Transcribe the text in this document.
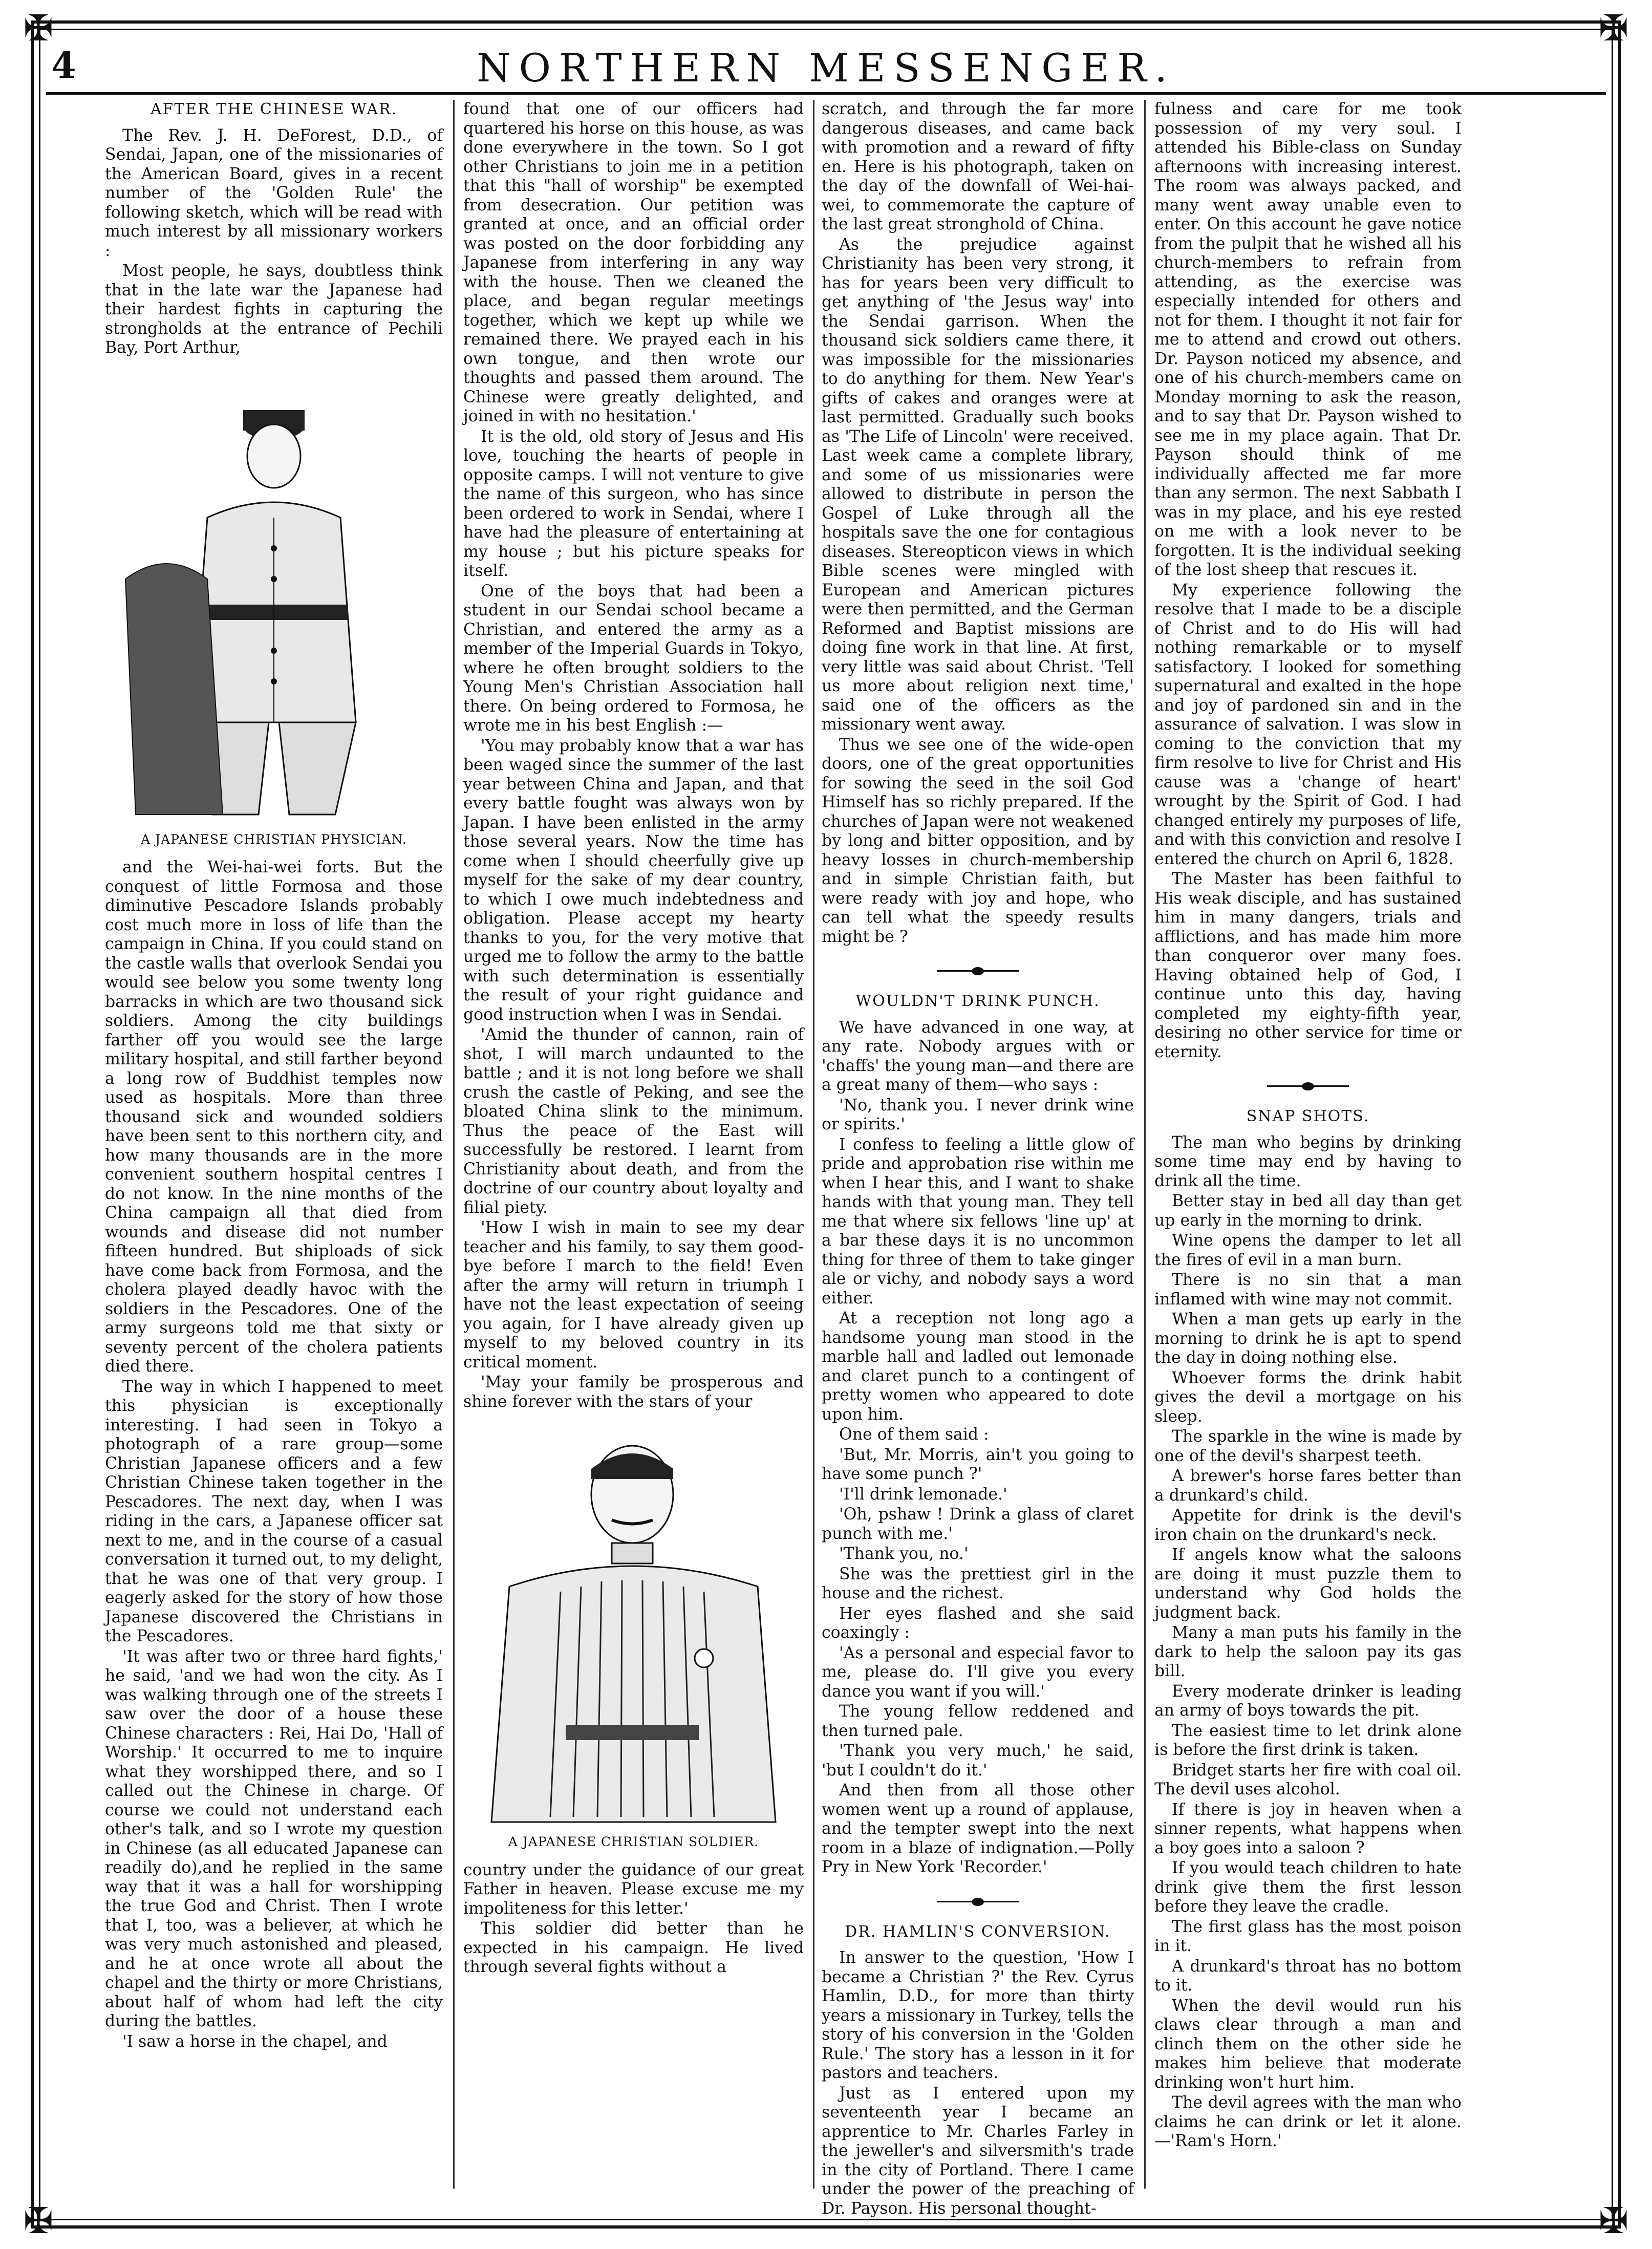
✠	✠
✠	✠
4	NORTHERN MESSENGER.
AFTER THE CHINESE WAR.

The Rev. J. H. DeForest, D.D., of Sendai, Japan, one of the missionaries of the American Board, gives in a recent number of the 'Golden Rule' the following sketch, which will be read with much interest by all missionary workers :

Most people, he says, doubtless think that in the late war the Japanese had their hardest fights in capturing the strongholds at the entrance of Pechili Bay, Port Arthur,

A JAPANESE CHRISTIAN PHYSICIAN.

and the Wei-hai-wei forts. But the conquest of little Formosa and those diminutive Pescadore Islands probably cost much more in loss of life than the campaign in China. If you could stand on the castle walls that overlook Sendai you would see below you some twenty long barracks in which are two thousand sick soldiers. Among the city buildings farther off you would see the large military hospital, and still farther beyond a long row of Buddhist temples now used as hospitals. More than three thousand sick and wounded soldiers have been sent to this northern city, and how many thousands are in the more convenient southern hospital centres I do not know. In the nine months of the China campaign all that died from wounds and disease did not number fifteen hundred. But shiploads of sick have come back from Formosa, and the cholera played deadly havoc with the soldiers in the Pescadores. One of the army surgeons told me that sixty or seventy percent of the cholera patients died there.

The way in which I happened to meet this physician is exceptionally interesting. I had seen in Tokyo a photograph of a rare group—some Christian Japanese officers and a few Christian Chinese taken together in the Pescadores. The next day, when I was riding in the cars, a Japanese officer sat next to me, and in the course of a casual conversation it turned out, to my delight, that he was one of that very group. I eagerly asked for the story of how those Japanese discovered the Christians in the Pescadores.

'It was after two or three hard fights,' he said, 'and we had won the city. As I was walking through one of the streets I saw over the door of a house these Chinese characters : Rei, Hai Do, 'Hall of Worship.' It occurred to me to inquire what they worshipped there, and so I called out the Chinese in charge. Of course we could not understand each other's talk, and so I wrote my question in Chinese (as all educated Japanese can readily do),and he replied in the same way that it was a hall for worshipping the true God and Christ. Then I wrote that I, too, was a believer, at which he was very much astonished and pleased, and he at once wrote all about the chapel and the thirty or more Christians, about half of whom had left the city during the battles.

'I saw a horse in the chapel, and

found that one of our officers had quartered his horse on this house, as was done everywhere in the town. So I got other Christians to join me in a petition that this "hall of worship" be exempted from desecration. Our petition was granted at once, and an official order was posted on the door forbidding any Japanese from interfering in any way with the house. Then we cleaned the place, and began regular meetings together, which we kept up while we remained there. We prayed each in his own tongue, and then wrote our thoughts and passed them around. The Chinese were greatly delighted, and joined in with no hesitation.'

It is the old, old story of Jesus and His love, touching the hearts of people in opposite camps. I will not venture to give the name of this surgeon, who has since been ordered to work in Sendai, where I have had the pleasure of entertaining at my house ; but his picture speaks for itself.

One of the boys that had been a student in our Sendai school became a Christian, and entered the army as a member of the Imperial Guards in Tokyo, where he often brought soldiers to the Young Men's Christian Association hall there. On being ordered to Formosa, he wrote me in his best English :—

'You may probably know that a war has been waged since the summer of the last year between China and Japan, and that every battle fought was always won by Japan. I have been enlisted in the army those several years. Now the time has come when I should cheerfully give up myself for the sake of my dear country, to which I owe much indebtedness and obligation. Please accept my hearty thanks to you, for the very motive that urged me to follow the army to the battle with such determination is essentially the result of your right guidance and good instruction when I was in Sendai.

'Amid the thunder of cannon, rain of shot, I will march undaunted to the battle ; and it is not long before we shall crush the castle of Peking, and see the bloated China slink to the minimum. Thus the peace of the East will successfully be restored. I learnt from Christianity about death, and from the doctrine of our country about loyalty and filial piety.

'How I wish in main to see my dear teacher and his family, to say them good-bye before I march to the field! Even after the army will return in triumph I have not the least expectation of seeing you again, for I have already given up myself to my beloved country in its critical moment.

'May your family be prosperous and shine forever with the stars of your

A JAPANESE CHRISTIAN SOLDIER.

country under the guidance of our great Father in heaven. Please excuse me my impoliteness for this letter.'

This soldier did better than he expected in his campaign. He lived through several fights without a

scratch, and through the far more dangerous diseases, and came back with promotion and a reward of fifty en. Here is his photograph, taken on the day of the downfall of Wei-hai-wei, to commemorate the capture of the last great stronghold of China.

As the prejudice against Christianity has been very strong, it has for years been very difficult to get anything of 'the Jesus way' into the Sendai garrison. When the thousand sick soldiers came there, it was impossible for the missionaries to do anything for them. New Year's gifts of cakes and oranges were at last permitted. Gradually such books as 'The Life of Lincoln' were received. Last week came a complete library, and some of us missionaries were allowed to distribute in person the Gospel of Luke through all the hospitals save the one for contagious diseases. Stereopticon views in which Bible scenes were mingled with European and American pictures were then permitted, and the German Reformed and Baptist missions are doing fine work in that line. At first, very little was said about Christ. 'Tell us more about religion next time,' said one of the officers as the missionary went away.

Thus we see one of the wide-open doors, one of the great opportunities for sowing the seed in the soil God Himself has so richly prepared. If the churches of Japan were not weakened by long and bitter opposition, and by heavy losses in church-membership and in simple Christian faith, but were ready with joy and hope, who can tell what the speedy results might be ?

WOULDN'T DRINK PUNCH.

We have advanced in one way, at any rate. Nobody argues with or 'chaffs' the young man—and there are a great many of them—who says :

'No, thank you. I never drink wine or spirits.'

I confess to feeling a little glow of pride and approbation rise within me when I hear this, and I want to shake hands with that young man. They tell me that where six fellows 'line up' at a bar these days it is no uncommon thing for three of them to take ginger ale or vichy, and nobody says a word either.

At a reception not long ago a handsome young man stood in the marble hall and ladled out lemonade and claret punch to a contingent of pretty women who appeared to dote upon him.

One of them said :

'But, Mr. Morris, ain't you going to have some punch ?'

'I'll drink lemonade.'

'Oh, pshaw ! Drink a glass of claret punch with me.'

'Thank you, no.'

She was the prettiest girl in the house and the richest.

Her eyes flashed and she said coaxingly :

'As a personal and especial favor to me, please do. I'll give you every dance you want if you will.'

The young fellow reddened and then turned pale.

'Thank you very much,' he said, 'but I couldn't do it.'

And then from all those other women went up a round of applause, and the tempter swept into the next room in a blaze of indignation.—Polly Pry in New York 'Recorder.'

DR. HAMLIN'S CONVERSION.

In answer to the question, 'How I became a Christian ?' the Rev. Cyrus Hamlin, D.D., for more than thirty years a missionary in Turkey, tells the story of his conversion in the 'Golden Rule.' The story has a lesson in it for pastors and teachers.

Just as I entered upon my seventeenth year I became an apprentice to Mr. Charles Farley in the jeweller's and silversmith's trade in the city of Portland. There I came under the power of the preaching of Dr. Payson. His personal thought-

fulness and care for me took possession of my very soul. I attended his Bible-class on Sunday afternoons with increasing interest. The room was always packed, and many went away unable even to enter. On this account he gave notice from the pulpit that he wished all his church-members to refrain from attending, as the exercise was especially intended for others and not for them. I thought it not fair for me to attend and crowd out others. Dr. Payson noticed my absence, and one of his church-members came on Monday morning to ask the reason, and to say that Dr. Payson wished to see me in my place again. That Dr. Payson should think of me individually affected me far more than any sermon. The next Sabbath I was in my place, and his eye rested on me with a look never to be forgotten. It is the individual seeking of the lost sheep that rescues it.

My experience following the resolve that I made to be a disciple of Christ and to do His will had nothing remarkable or to myself satisfactory. I looked for something supernatural and exalted in the hope and joy of pardoned sin and in the assurance of salvation. I was slow in coming to the conviction that my firm resolve to live for Christ and His cause was a 'change of heart' wrought by the Spirit of God. I had changed entirely my purposes of life, and with this conviction and resolve I entered the church on April 6, 1828.

The Master has been faithful to His weak disciple, and has sustained him in many dangers, trials and afflictions, and has made him more than conqueror over many foes. Having obtained help of God, I continue unto this day, having completed my eighty-fifth year, desiring no other service for time or eternity.

SNAP SHOTS.

The man who begins by drinking some time may end by having to drink all the time.

Better stay in bed all day than get up early in the morning to drink.

Wine opens the damper to let all the fires of evil in a man burn.

There is no sin that a man inflamed with wine may not commit.

When a man gets up early in the morning to drink he is apt to spend the day in doing nothing else.

Whoever forms the drink habit gives the devil a mortgage on his sleep.

The sparkle in the wine is made by one of the devil's sharpest teeth.

A brewer's horse fares better than a drunkard's child.

Appetite for drink is the devil's iron chain on the drunkard's neck.

If angels know what the saloons are doing it must puzzle them to understand why God holds the judgment back.

Many a man puts his family in the dark to help the saloon pay its gas bill.

Every moderate drinker is leading an army of boys towards the pit.

The easiest time to let drink alone is before the first drink is taken.

Bridget starts her fire with coal oil. The devil uses alcohol.

If there is joy in heaven when a sinner repents, what happens when a boy goes into a saloon ?

If you would teach children to hate drink give them the first lesson before they leave the cradle.

The first glass has the most poison in it.

A drunkard's throat has no bottom to it.

When the devil would run his claws clear through a man and clinch them on the other side he makes him believe that moderate drinking won't hurt him.

The devil agrees with the man who claims he can drink or let it alone.—'Ram's Horn.'
